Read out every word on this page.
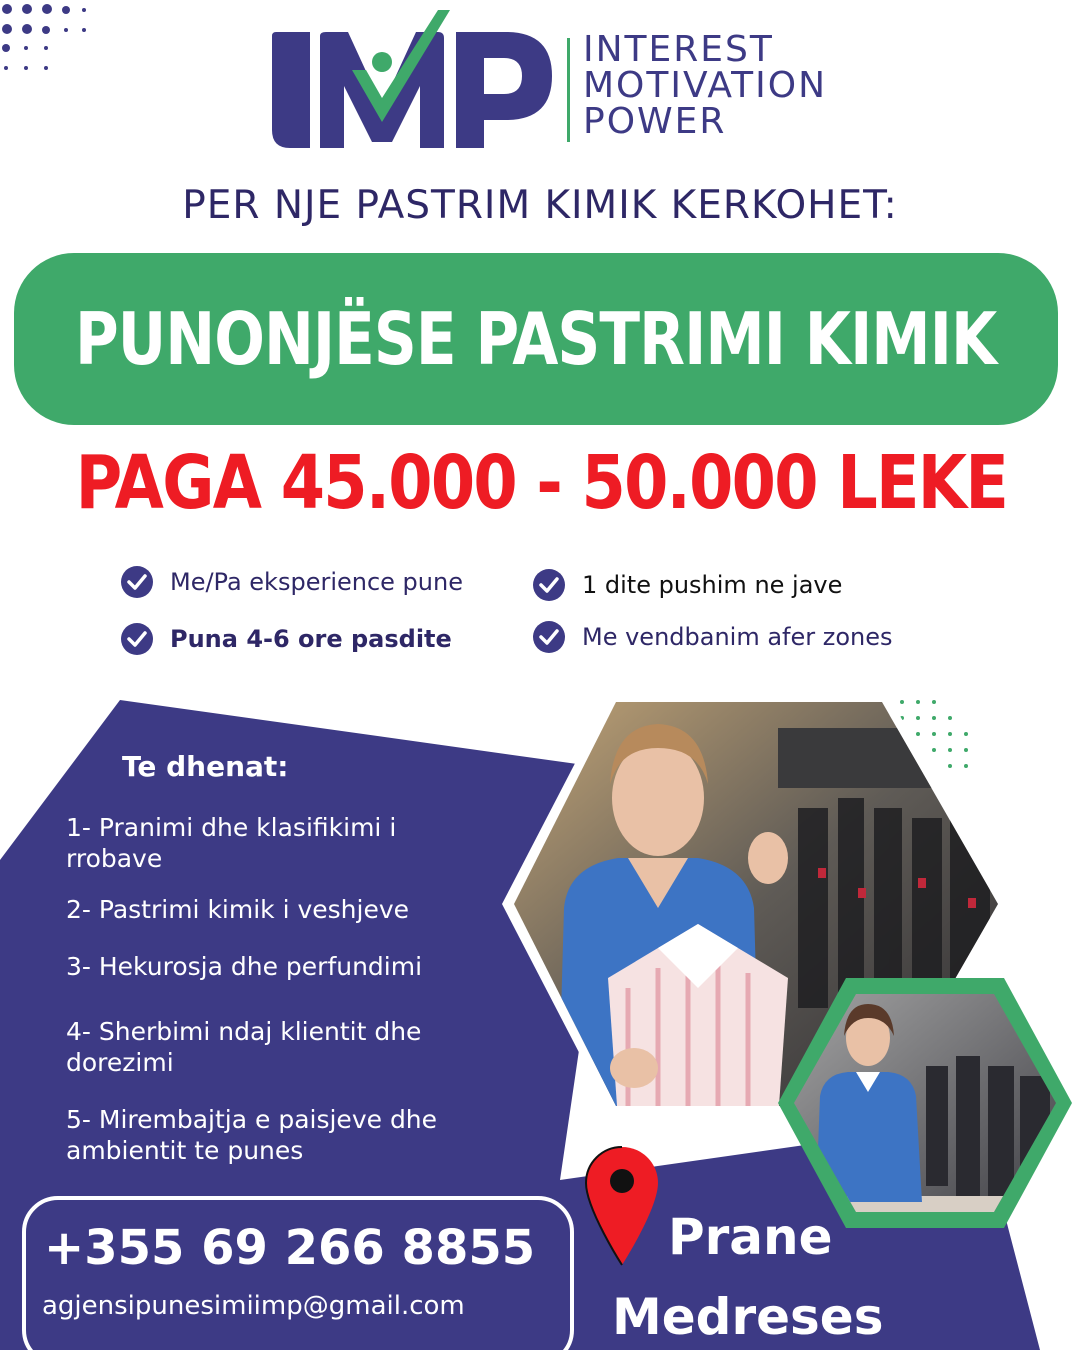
INTEREST
MOTIVATION
POWER
PER NJE PASTRIM KIMIK KERKOHET:
PUNONJËSE PASTRIMI KIMIK
PAGA 45.000 - 50.000 LEKE
Me/Pa eksperience pune	1 dite pushim ne jave
Puna 4-6 ore pasdite	Me vendbanim afer zones
Te dhenat:
1- Pranimi dhe klasifikimi i rrobave
2- Pastrimi kimik i veshjeve
3- Hekurosja dhe perfundimi
4- Sherbimi ndaj klientit dhe dorezimi
5- Mirembajtja e paisjeve dhe ambientit te punes
+355 69 266 8855
agjensipunesimiimp@gmail.com
Prane
Medreses
